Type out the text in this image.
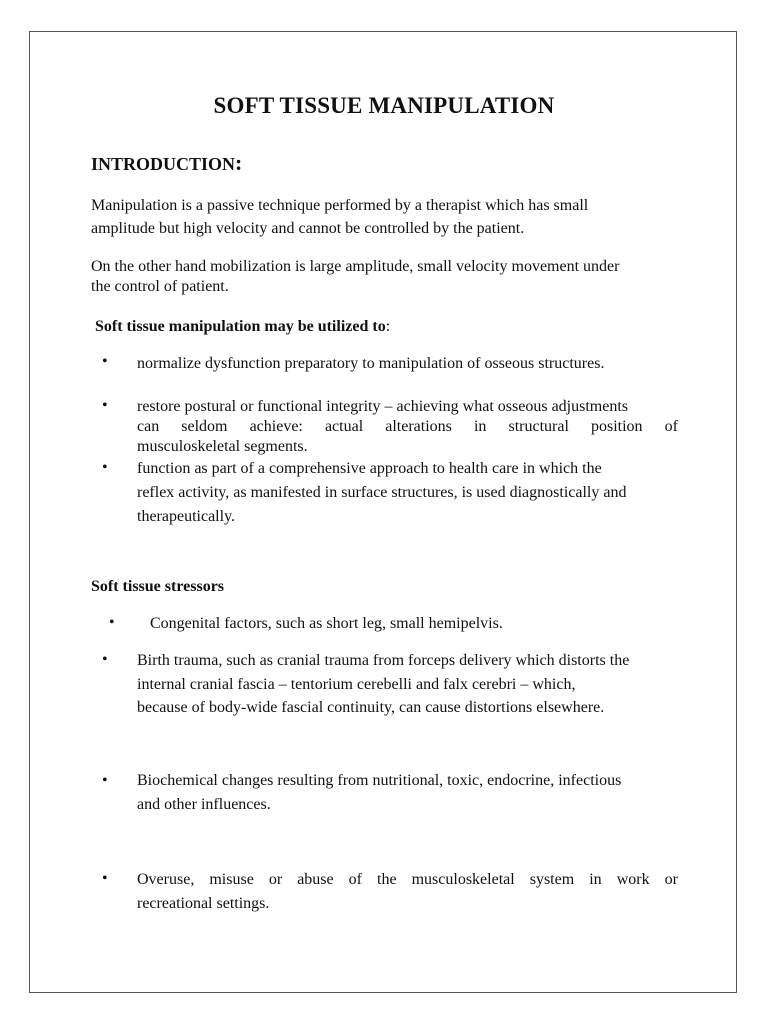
SOFT TISSUE MANIPULATION
INTRODUCTION:
Manipulation is a passive technique performed by a therapist which has small
amplitude but high velocity and cannot be controlled by the patient.
On the other hand mobilization is large amplitude, small velocity movement under
the control of patient.
Soft tissue manipulation may be utilized to:
• normalize dysfunction preparatory to manipulation of osseous structures.
• restore postural or functional integrity – achieving what osseous adjustments
can seldom achieve: actual alterations in structural position of
musculoskeletal segments.
• function as part of a comprehensive approach to health care in which the
reflex activity, as manifested in surface structures, is used diagnostically and
therapeutically.
Soft tissue stressors
• Congenital factors, such as short leg, small hemipelvis.
• Birth trauma, such as cranial trauma from forceps delivery which distorts the
internal cranial fascia – tentorium cerebelli and falx cerebri – which,
because of body-wide fascial continuity, can cause distortions elsewhere.
• Biochemical changes resulting from nutritional, toxic, endocrine, infectious
and other influences.
• Overuse, misuse or abuse of the musculoskeletal system in work or
recreational settings.
